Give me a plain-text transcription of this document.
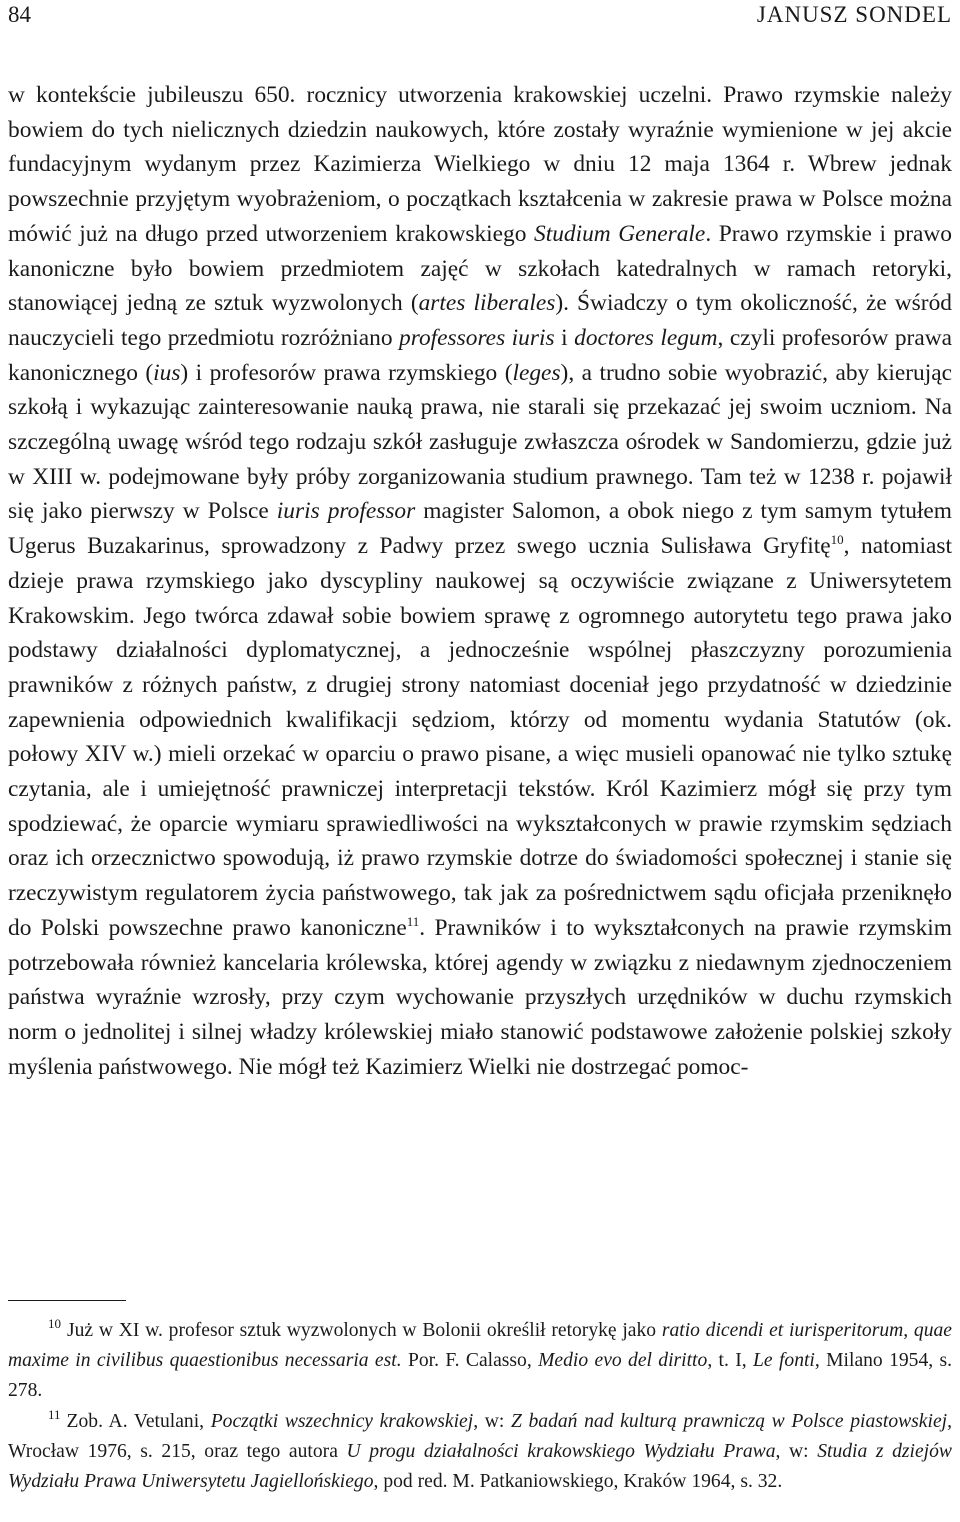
84	JANUSZ SONDEL

w kontekście jubileuszu 650. rocznicy utworzenia krakowskiej uczelni. Prawo rzymskie należy bowiem do tych nielicznych dziedzin naukowych, które zostały wyraźnie wymienione w jej akcie fundacyjnym wydanym przez Kazimierza Wielkiego w dniu 12 maja 1364 r. Wbrew jednak powszechnie przyjętym wyobrażeniom, o początkach kształcenia w zakresie prawa w Polsce można mówić już na długo przed utworzeniem krakowskiego Studium Generale. Prawo rzymskie i prawo kanoniczne było bowiem przedmiotem zajęć w szkołach katedralnych w ramach retoryki, stanowiącej jedną ze sztuk wyzwolonych (artes liberales). Świadczy o tym okoliczność, że wśród nauczycieli tego przedmiotu rozróżniano professores iuris i doctores legum, czyli profesorów prawa kanonicznego (ius) i profesorów prawa rzymskiego (leges), a trudno sobie wyobrazić, aby kierując szkołą i wykazując zainteresowanie nauką prawa, nie starali się przekazać jej swoim uczniom. Na szczególną uwagę wśród tego rodzaju szkół zasługuje zwłaszcza ośrodek w Sandomierzu, gdzie już w XIII w. podejmowane były próby zorganizowania studium prawnego. Tam też w 1238 r. pojawił się jako pierwszy w Polsce iuris professor magister Salomon, a obok niego z tym samym tytułem Ugerus Buzakarinus, sprowadzony z Padwy przez swego ucznia Sulisława Gryfitę$^{10}$, natomiast dzieje prawa rzymskiego jako dyscypliny naukowej są oczywiście związane z Uniwersytetem Krakowskim. Jego twórca zdawał sobie bowiem sprawę z ogromnego autorytetu tego prawa jako podstawy działalności dyplomatycznej, a jednocześnie wspólnej płaszczyzny porozumienia prawników z różnych państw, z drugiej strony natomiast doceniał jego przydatność w dziedzinie zapewnienia odpowiednich kwalifikacji sędziom, którzy od momentu wydania Statutów (ok. połowy XIV w.) mieli orzekać w oparciu o prawo pisane, a więc musieli opanować nie tylko sztukę czytania, ale i umiejętność prawniczej interpretacji tekstów. Król Kazimierz mógł się przy tym spodziewać, że oparcie wymiaru sprawiedliwości na wykształconych w prawie rzymskim sędziach oraz ich orzecznictwo spowodują, iż prawo rzymskie dotrze do świadomości społecznej i stanie się rzeczywistym regulatorem życia państwowego, tak jak za pośrednictwem sądu oficjała przeniknęło do Polski powszechne prawo kanoniczne$^{11}$. Prawników i to wykształconych na prawie rzymskim potrzebowała również kancelaria królewska, której agendy w związku z niedawnym zjednoczeniem państwa wyraźnie wzrosły, przy czym wychowanie przyszłych urzędników w duchu rzymskich norm o jednolitej i silnej władzy królewskiej miało stanowić podstawowe założenie polskiej szkoły myślenia państwowego. Nie mógł też Kazimierz Wielki nie dostrzegać pomoc-

$^{10}$ Już w XI w. profesor sztuk wyzwolonych w Bolonii określił retorykę jako ratio dicendi et iurisperitorum, quae maxime in civilibus quaestionibus necessaria est. Por. F. Calasso, Medio evo del diritto, t. I, Le fonti, Milano 1954, s. 278.

$^{11}$ Zob. A. Vetulani, Początki wszechnicy krakowskiej, w: Z badań nad kulturą prawniczą w Polsce piastowskiej, Wrocław 1976, s. 215, oraz tego autora U progu działalności krakowskiego Wydziału Prawa, w: Studia z dziejów Wydziału Prawa Uniwersytetu Jagiellońskiego, pod red. M. Patkaniowskiego, Kraków 1964, s. 32.
